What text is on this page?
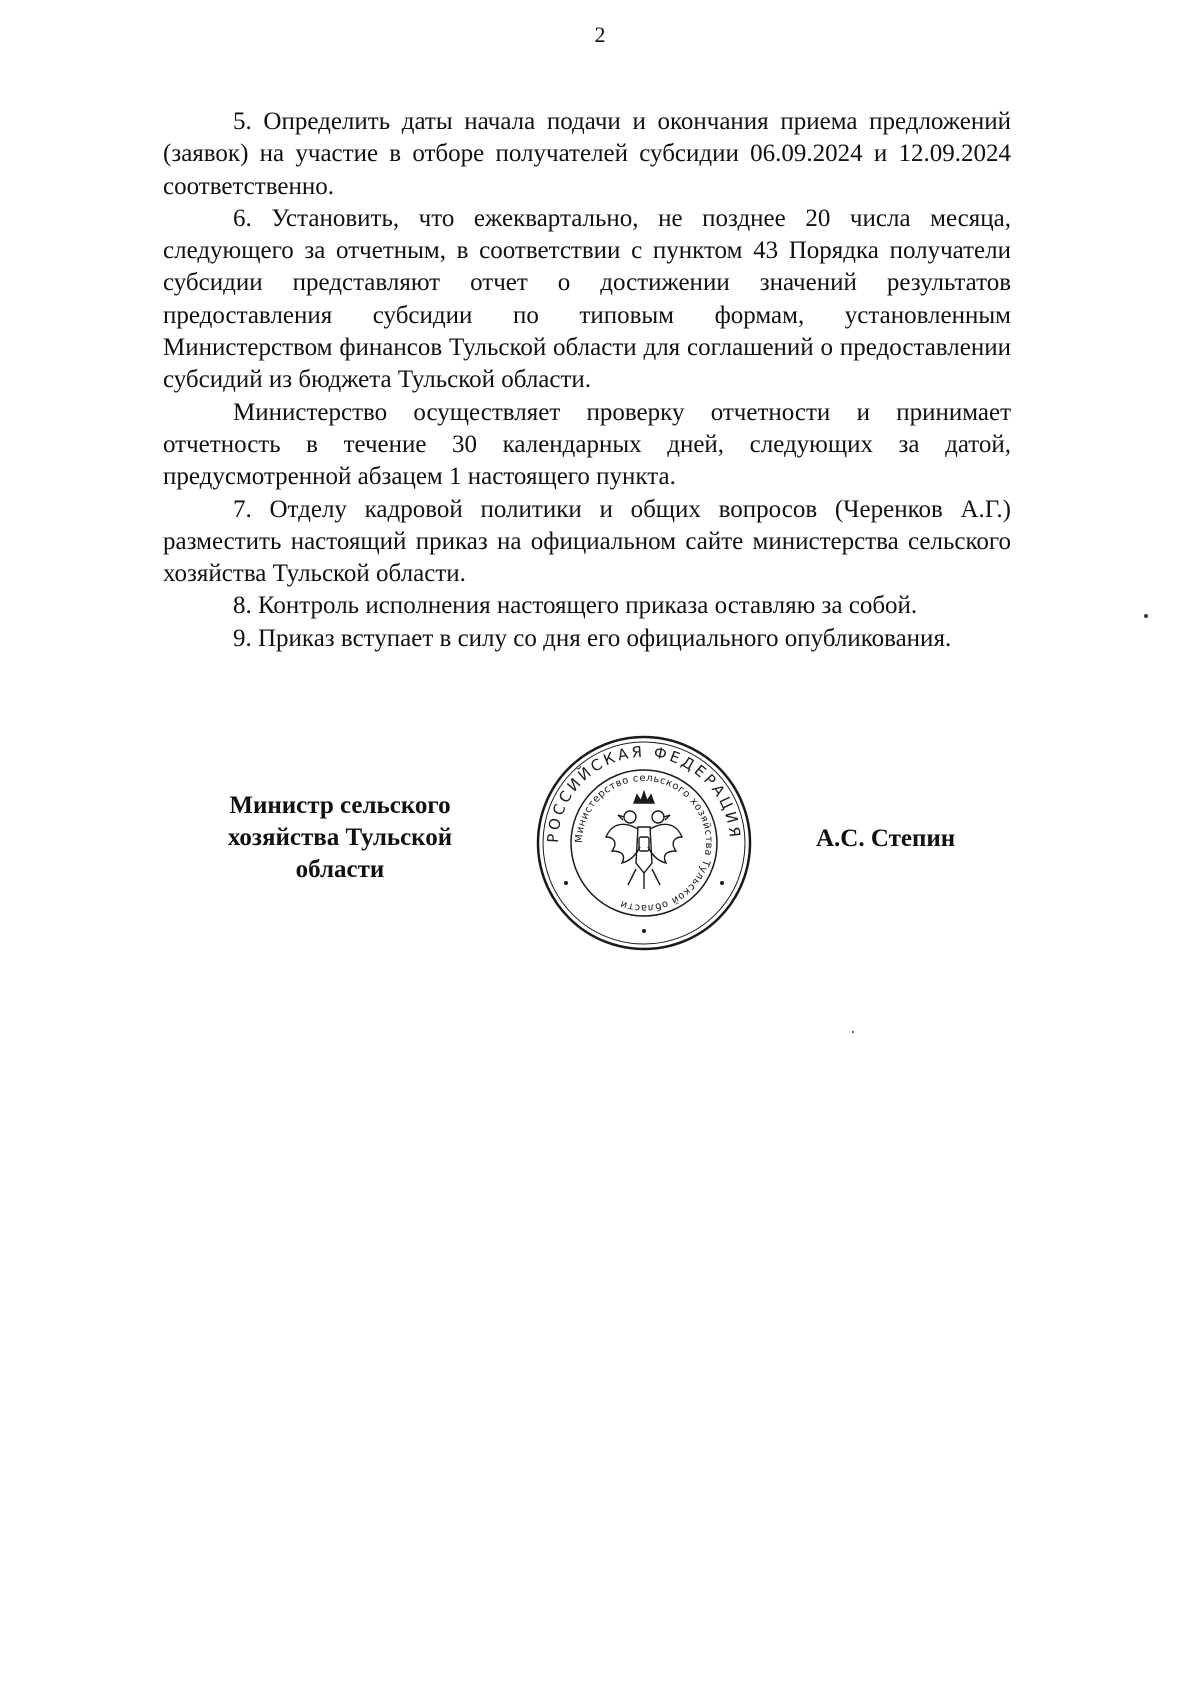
2

5. Определить даты начала подачи и окончания приема предложений (заявок) на участие в отборе получателей субсидии 06.09.2024 и 12.09.2024 соответственно.

6. Установить, что ежеквартально, не позднее 20 числа месяца, следующего за отчетным, в соответствии с пунктом 43 Порядка получатели субсидии представляют отчет о достижении значений результатов предоставления субсидии по типовым формам, установленным Министерством финансов Тульской области для соглашений о предоставлении субсидий из бюджета Тульской области.

Министерство осуществляет проверку отчетности и принимает отчетность в течение 30 календарных дней, следующих за датой, предусмотренной абзацем 1 настоящего пункта.

7. Отделу кадровой политики и общих вопросов (Черенков А.Г.) разместить настоящий приказ на официальном сайте министерства сельского хозяйства Тульской области.

8. Контроль исполнения настоящего приказа оставляю за собой.

9. Приказ вступает в силу со дня его официального опубликования.

Министр сельского
хозяйства Тульской
области
А.С. Степин
РОССИЙСКАЯ ФЕДЕРАЦИЯ
Министерство сельского хозяйства Тульской области
